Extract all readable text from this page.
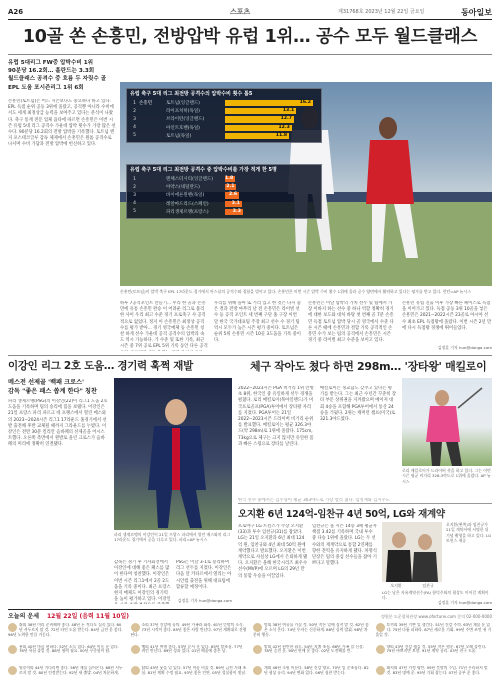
A26	스포츠	제31768호 2023년 12월 22일 금요일	동아일보
10골 쏜 손흥민, 전방압박 유럽 1위… 공수 모두 월드클래스
유럽 5대리그 FW중 압박수비 1위
90분당 16.2회… 홀란드는 3.3회
월드클래스 공격수 중 흐름 두 자릿수 골
EPL 도움 포시즌리그 1위 6회
손흥민(토트넘)은 어느 시즌보다도 중요하다 하고 있다. EPL 득점 순위 공동 3위에 올랐고, 공격뿐 아니라 수비에서도 세계 최정상급 능력을 보여주고 있다는 분석이 나왔다. 축구 통계 전문 업체 옵타에 따르면 손흥민은 이번 시즌 유럽 5대 리그 공격수 가운데 압박 횟수가 가장 많은 선수다. 90분당 16.2회의 전방 압박을 기록했다. 토트넘 엔지 포스테코글루 감독 체제에서 손흥민은 원톱 공격수로 나서며 수비 가담과 전방 압박에 헌신하고 있다.
유럽 축구 5대 리그 최전방 공격수의 압박수비 횟수 톱5
1 손흥민	토트넘(잉글랜드)	16.2
2	라이프치히(독일)	13.1
3	브라이턴(잉글랜드)	12.7
4	아인트호벤(독일)	12.3
5	토트넘(독일)	11.8
유럽 축구 5대 리그 최전방 공격수 중 압박수비를 가장 적게 한 5명
1	맨체스터시티(잉글랜드)	1.8
2	아약스(네덜란드)	2.1
3	바이에른뮌헨(독일)	2.6
4	레알마드리드(스페인)	3.1
5	파리생제르맹(프랑스)	3.3
손흥민(토트넘)이 압박 축구 EPL 17라운드 경기에서 아스널의 공격수와 경합을 벌이고 있다. 손흥민은 이번 시즌 압박 수비 횟수 1위에 올라 공수 양면에서 활약하고 있다는 평가를 받고 있다. 런던=AP 뉴시스
하루 7공격포인트 만들기... 무리 한 골과 손흥민에 유통 손흥민 완승 이 어려운 리그로 불리 한 사이 우리 최고 수준 경기 프로축구 사 공격적으로 없었다. 정지 이 손흥민은 최정상 공격수를 평가 받아... 경기 영국매체 등 손흥민 칭찬 하게 선수 가운데 공격 공격수의 압박과 속도 역시 가능하다. 가 수준 및 또한 기록, 최근 시즌 중 7위 공로 EPL 5위 기록 동안 다른 공격
우리를 위해 돌아 또 거리 있고 한 것은 다시 좋은 결과 전방 마무리 날 전 손흥민은 라이벌 선수 등 공격 포인트 세 번째 구단 홈 구장 이번 달 한국 국가대표팀 주장 최고 선수 수 경기 팀 역시 모두가 높은 시즌 평가 중이다. 토트넘은 순위 5위 손흥민 시즌 10골 3도움을 기록 중이다.
손흥민은 이날 압박의 가치 선두 및 팀에서 가장 이바지 하는 선수 중 하나 역할 정확히 경기에 대한 보도와 대처 바탕 첫 번째 골 7분 손흥민 득점 토트넘 압박 당시 골 영국에서 수준 다른 시즌 때에 손흥민과 결합 기록 공격적인 손흥민 수가 보는 팀의 공격에서 손흥민은 시즌 경기 중 라이벌 최고 수준을 보이고 있다.
손흥민 유럽 진출 이후 가장 빠른 페이스로 득점을 이어가고 있다. 득점 공동 3위 10골을 넣은 손흥민은 2021∼2022시즌 23골로 아시아 선수 최초 EPL 득점왕에 올랐다. 이번 시즌 2년 만에 다시 득점왕 경쟁에 뛰어들었다.
김정훈 기자 hun@donga.com
이강인 리그 2호 도움… 경기력 훅쩍 재발
메스전 선제골 '백패 크로스'
감독 "좋은 패스 쏩계 한다" 칭찬
파리 생제르맹(PSG)의 이강인(22)이 리그1 도움 2호 도움을 기록하며 팀의 승리에 힘을 보탰다. 이강인은 21일 프랑스 파리 파르크 데 프랭스에서 열린 메스와의 2023∼2024시즌 리그1 17라운드 홈경기에서 선발 출전해 후반 교체될 때까지 그라운드를 누볐다. 이강인은 전반 30분 킬리안 음바페의 선제골을 어시스트했다. 오른쪽 측면에서 왼발로 올린 크로스가 음바페의 머리에 정확히 연결됐다.
파리 생제르맹의 이강인이 21일 프랑스 파리에서 열린 메스와의 리그 17라운드 경기에서 공을 다루고 있다. 파리=AP 뉴시스
감독은 경기 후 기자회견에서 이강인에 대해 좋은 패스를 많이 한다며 칭찬했다. 이강인은 이번 시즌 리그1에서 2골 2도움을 기록 중이다. 최근 프랑스 현지 매체도 이강인의 경기력을 높이 평가하고 있다. 이강인
PSG는 이날 3-1로 승리하며 리그 선두를 지켰다. 이강인은 다음 달 카타르에서 열리는 아시안컵 출전을 위해 대표팀에 합류할 예정이다.
김정훈 기자 hun@donga.com
체구 작아도 쳤다 하면 298m… '장타왕' 매킬로이
2022∼2023시즌 PGA 비거리 1위 만병초 8위, 한국인 중 유일하게 선두 경쟁을 펼쳤다. 로리 매킬로이(북아일랜드)가 미국프로골프(PGA)투어에서 장타왕 자리를 지켰다. PGA투어는 21일 2022∼2023시즌 드라이버 비거리 순위를 발표했다. 매킬로이는 평균 326.3야드(약 298m)로 1위에 올랐다. 175cm, 73kg으로 체구는 크지 않지만 유연한 몸과 빠른 스윙으로 장타를 날린다.
매킬로이는 정교함도 갖추고 있다는 평가를 받는다. 그는 최근 수년간 꾸준히 장타 부문 상위권을 지켜왔으며 메이저 대회 4승을 포함해 PGA투어에서 통산 24승을 거뒀다. 2위는 캐머런 챔프(미국)로 321.3야드였다.
로리 매킬로이가 드라이버 샷을 하고 있다. 그는 이번 시즌 평균 비거리 326.3야드로 1위에 올랐다. AP 뉴시스
한국 선수 중에서는 김주형이 평균 303야드로 가장 멀리 쳤다. 임성재와 김시우도
오지환 6년 124억-임찬규 4년 50억, LG와 재계약
프로야구 LG 트윈스가 주장 오지환(33)과 투수 임찬규(31)를 잡았다. LG는 21일 오지환과 6년 최대 124억 원, 임찬규와 4년 최대 50억 원에 계약했다고 발표했다. 오지환은 이번 계약으로 사실상 LG에서 은퇴하게 됐다. 오지환은 올해 한국시리즈 최우수선수(MVP)에 오르며 LG의 29년 만의 통합 우승을 이끌었다.
임찬규는 올 시즌 14승 3패 평균자책점 3.42를 기록하며 국내 투수 중 다승 1위에 올랐다. LG는 두 선수와의 재계약으로 통합 2연패를 향한 전력을 유지하게 됐다. 차명석 단장은 팀의 중심 선수들을 잡아 기쁘다고 말했다.
오지환	임찬규
오지환(왼쪽)과 임찬규가 21일 계약서에 서명한 뒤 기념 촬영을 하고 있다. LG 트윈스 제공
LG는 남은 자유계약선수(FA) 함덕주와의 협상도 이어갈 계획이다.
김정훈 기자 hun@donga.com
오늘의 운세 12월 22일 (음력 11월 10일)	정원분 도운철학관장 www.ofortune.com 문의 02-000-0000
쥐띠 36년 미리 준비해야 좋다. 48년 돈 적다도 실속 있다. 60년 서두르지 말 것. 72년 타인 도움 받는다. 84년 금전 운 좋다. 96년 노력한 만큼 거둔다.
소띠 37년 건강에 유의. 49년 가족과 화목. 61년 뜻밖의 소식. 73년 시작이 좋다. 85년 좋은 사람 만난다. 97년 계획대로 진행된다.
범띠 38년 여유를 가질 것. 50년 작은 일에 집착 말 것. 62년 좋은 소식 온다. 74년 투자는 신중하게. 86년 실력 발휘. 98년 차분히 행동.
토끼띠 39년 기쁜 일 생긴다. 51년 건강 주의. 63년 재물 운 있다. 75년 다툼 피하라. 87년 새로운 기회. 99년 주변 조언 귀 기울일 것.
용띠 40년 마음 편하다. 52년 소득 있다. 64년 이동 운 있다. 76년 욕심 줄일 것. 88년 협력 필요. 00년 꾸준함이 답.
뱀띠 41년 여행 좋다. 53년 문서 운 있다. 65년 말조심. 77년 귀인 만난다. 89년 성과 있다. 01년 배움에 좋은 날.
말띠 42년 편안한 하루. 54년 지출 조심. 66년 가족 일 신경. 78년 승진 운. 90년 연애 운 좋다. 02년 도전해볼 만.
양띠 43년 건강 챙길 것. 55년 작은 행운. 67년 오해 풀린다. 79년 바쁘지만 보람. 91년 계약 유리. 03년 친구 도움.
원숭이띠 44년 기다리면 좋다. 56년 재물 들어온다. 68년 서두르지 말 것. 80년 인정받는다. 92년 새 출발. 04년 차분하게.
닭띠 45년 웃을 일 있다. 57년 마음 비울 것. 69년 금전 거래 조심. 81년 계획 수정 필요. 93년 좋은 인연. 05년 성실함이 빛남.
개띠 46년 소원 이룬다. 58년 건강 양호. 70년 일 순조롭다. 82년 협상 유리. 94년 변화 있다. 06년 칭찬 받는다.
돼지띠 47년 가정 평안. 59년 뜻밖의 수입. 71년 무리하지 말 것. 83년 명예 운. 95년 기회 잡는다. 07년 공부 운 좋다.
